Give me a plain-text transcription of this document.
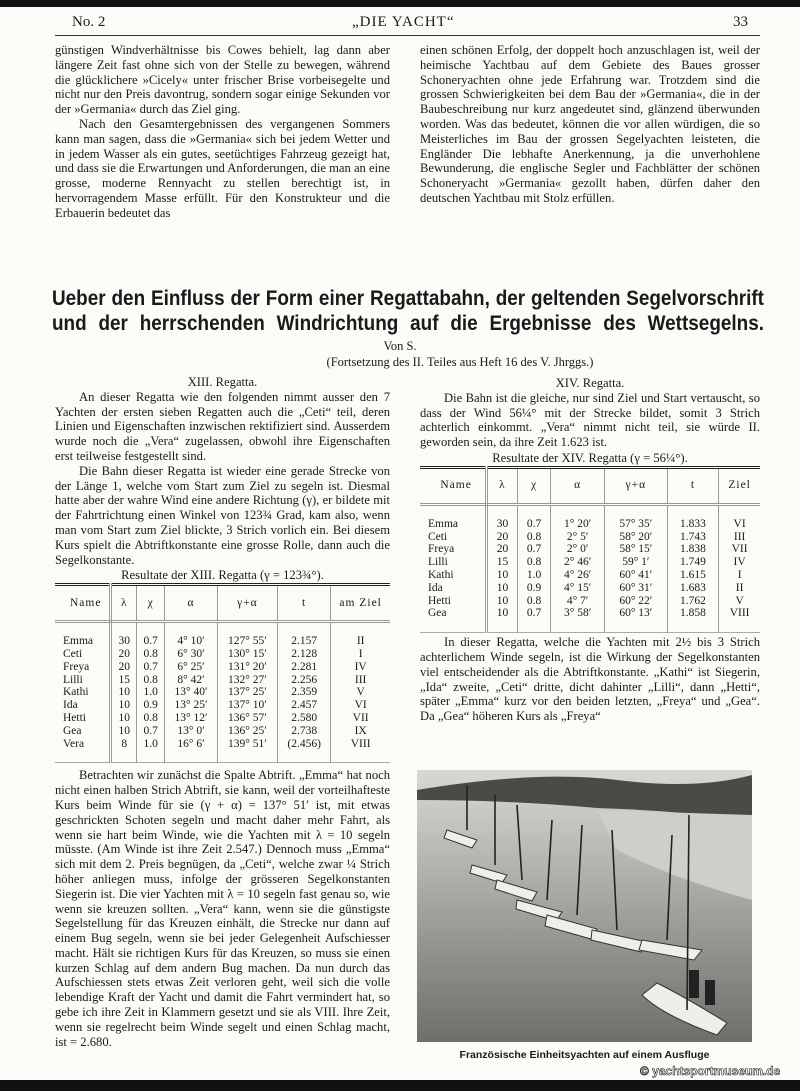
No. 2	„DIE YACHT“	33

günstigen Windverhältnisse bis Cowes behielt, lag dann aber längere Zeit fast ohne sich von der Stelle zu bewegen, während die glücklichere »Cicely« unter frischer Brise vorbeisegelte und nicht nur den Preis davontrug, sondern sogar einige Sekunden vor der »Germania« durch das Ziel ging.

Nach den Gesamtergebnissen des vergangenen Sommers kann man sagen, dass die »Germania« sich bei jedem Wetter und in jedem Wasser als ein gutes, seetüchtiges Fahrzeug gezeigt hat, und dass sie die Erwartungen und Anforderungen, die man an eine grosse, moderne Rennyacht zu stellen berechtigt ist, in hervorragendem Masse erfüllt. Für den Konstrukteur und die Erbauerin bedeutet das

einen schönen Erfolg, der doppelt hoch anzuschlagen ist, weil der heimische Yachtbau auf dem Gebiete des Baues grosser Schoneryachten ohne jede Erfahrung war. Trotzdem sind die grossen Schwierigkeiten bei dem Bau der »Germania«, die in der Baubeschreibung nur kurz angedeutet sind, glänzend überwunden worden. Was das bedeutet, können die vor allen würdigen, die so Meisterliches im Bau der grossen Segelyachten leisteten, die Engländer Die lebhafte Anerkennung, ja die unverhohlene Bewunderung, die englische Segler und Fachblätter der schönen Schoneryacht »Germania« gezollt haben, dürfen daher den deutschen Yachtbau mit Stolz erfüllen.

Ueber den Einfluss der Form einer Regattabahn, der geltenden Segelvorschrift und der herrschenden Windrichtung auf die Ergebnisse des Wettsegelns.
Von S.
(Fortsetzung des II. Teiles aus Heft 16 des V. Jhrggs.)

XIII. Regatta.

An dieser Regatta wie den folgenden nimmt ausser den 7 Yachten der ersten sieben Regatten auch die „Ceti“ teil, deren Linien und Eigenschaften inzwischen rektifiziert sind. Ausserdem wurde noch die „Vera“ zugelassen, obwohl ihre Eigenschaften erst teilweise festgestellt sind.

Die Bahn dieser Regatta ist wieder eine gerade Strecke von der Länge 1, welche vom Start zum Ziel zu segeln ist. Diesmal hatte aber der wahre Wind eine andere Richtung (γ), er bildete mit der Fahrtrichtung einen Winkel von 123¾ Grad, kam also, wenn man vom Start zum Ziel blickte, 3 Strich vorlich ein. Bei diesem Kurs spielt die Abtriftkonstante eine grosse Rolle, dann auch die Segelkonstante.

Resultate der XIII. Regatta (γ = 123¾°).

Name	λ	χ	α	γ+α	t	am Ziel
Emma	30	0.7	4° 10′	127° 55′	2.157	II
Ceti	20	0.8	6° 30′	130° 15′	2.128	I
Freya	20	0.7	6° 25′	131° 20′	2.281	IV
Lilli	15	0.8	8° 42′	132° 27′	2.256	III
Kathi	10	1.0	13° 40′	137° 25′	2.359	V
Ida	10	0.9	13° 25′	137° 10′	2.457	VI
Hetti	10	0.8	13° 12′	136° 57′	2.580	VII
Gea	10	0.7	13° 0′	136° 25′	2.738	IX
Vera	8	1.0	16° 6′	139° 51′	(2.456)	VIII

Betrachten wir zunächst die Spalte Abtrift. „Emma“ hat noch nicht einen halben Strich Abtrift, sie kann, weil der vorteilhafteste Kurs beim Winde für sie (γ + α) = 137° 51′ ist, mit etwas geschrickten Schoten segeln und macht daher mehr Fahrt, als wenn sie hart beim Winde, wie die Yachten mit λ = 10 segeln müsste. (Am Winde ist ihre Zeit 2.547.) Dennoch muss „Emma“ sich mit dem 2. Preis begnügen, da „Ceti“, welche zwar ¼ Strich höher anliegen muss, infolge der grösseren Segelkonstanten Siegerin ist. Die vier Yachten mit λ = 10 segeln fast genau so, wie wenn sie kreuzen sollten. „Vera“ kann, wenn sie die günstigste Segelstellung für das Kreuzen einhält, die Strecke nur dann auf einem Bug segeln, wenn sie bei jeder Gelegenheit Aufschiesser macht. Hält sie richtigen Kurs für das Kreuzen, so muss sie einen kurzen Schlag auf dem andern Bug machen. Da nun durch das Aufschiessen stets etwas Zeit verloren geht, weil sich die volle lebendige Kraft der Yacht und damit die Fahrt vermindert hat, so gebe ich ihre Zeit in Klammern gesetzt und sie als VIII. Ihre Zeit, wenn sie regelrecht beim Winde segelt und einen Schlag macht, ist = 2.680.

XIV. Regatta.

Die Bahn ist die gleiche, nur sind Ziel und Start vertauscht, so dass der Wind 56¼° mit der Strecke bildet, somit 3 Strich achterlich einkommt. „Vera“ nimmt nicht teil, sie würde II. geworden sein, da ihre Zeit 1.623 ist.

Resultate der XIV. Regatta (γ = 56¼°).

Name	λ	χ	α	γ+α	t	Ziel
Emma	30	0.7	1° 20′	57° 35′	1.833	VI
Ceti	20	0.8	2° 5′	58° 20′	1.743	III
Freya	20	0.7	2° 0′	58° 15′	1.838	VII
Lilli	15	0.8	2° 46′	59° 1′	1.749	IV
Kathi	10	1.0	4° 26′	60° 41′	1.615	I
Ida	10	0.9	4° 15′	60° 31′	1.683	II
Hetti	10	0.8	4° 7′	60° 22′	1.762	V
Gea	10	0.7	3° 58′	60° 13′	1.858	VIII

In dieser Regatta, welche die Yachten mit 2½ bis 3 Strich achterlichem Winde segeln, ist die Wirkung der Segelkonstanten viel entscheidender als die Abtriftkonstante. „Kathi“ ist Siegerin, „Ida“ zweite, „Ceti“ dritte, dicht dahinter „Lilli“, dann „Hetti“, später „Emma“ kurz vor den beiden letzten, „Freya“ und „Gea“. Da „Gea“ höheren Kurs als „Freya“

Französische Einheitsyachten auf einem Ausfluge
© yachtsportmuseum.de
